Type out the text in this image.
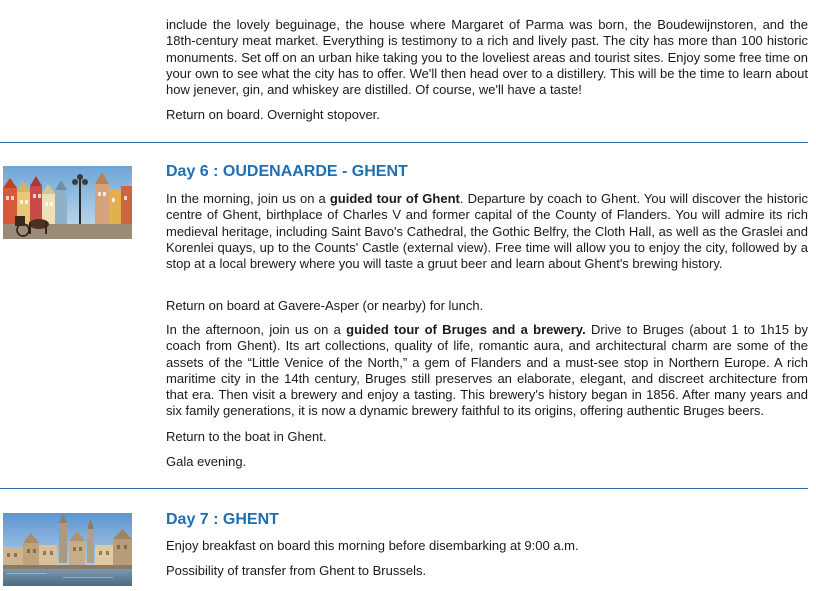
include the lovely beguinage, the house where Margaret of Parma was born, the Boudewijnstoren, and the 18th-century meat market. Everything is testimony to a rich and lively past. The city has more than 100 historic monuments. Set off on an urban hike taking you to the loveliest areas and tourist sites. Enjoy some free time on your own to see what the city has to offer. We'll then head over to a distillery. This will be the time to learn about how jenever, gin, and whiskey are distilled. Of course, we'll have a taste!

Return on board. Overnight stopover.

Day 6 : OUDENAARDE - GHENT

In the morning, join us on a guided tour of Ghent. Departure by coach to Ghent. You will discover the historic centre of Ghent, birthplace of Charles V and former capital of the County of Flanders. You will admire its rich medieval heritage, including Saint Bavo's Cathedral, the Gothic Belfry, the Cloth Hall, as well as the Graslei and Korenlei quays, up to the Counts' Castle (external view). Free time will allow you to enjoy the city, followed by a stop at a local brewery where you will taste a gruut beer and learn about Ghent's brewing history.

Return on board at Gavere-Asper (or nearby) for lunch.

In the afternoon, join us on a guided tour of Bruges and a brewery. Drive to Bruges (about 1 to 1h15 by coach from Ghent). Its art collections, quality of life, romantic aura, and architectural charm are some of the assets of the “Little Venice of the North,” a gem of Flanders and a must-see stop in Northern Europe. A rich maritime city in the 14th century, Bruges still preserves an elaborate, elegant, and discreet architecture from that era. Then visit a brewery and enjoy a tasting. This brewery's history began in 1856. After many years and six family generations, it is now a dynamic brewery faithful to its origins, offering authentic Bruges beers.

Return to the boat in Ghent.

Gala evening.

Day 7 : GHENT

Enjoy breakfast on board this morning before disembarking at 9:00 a.m.

Possibility of transfer from Ghent to Brussels.
